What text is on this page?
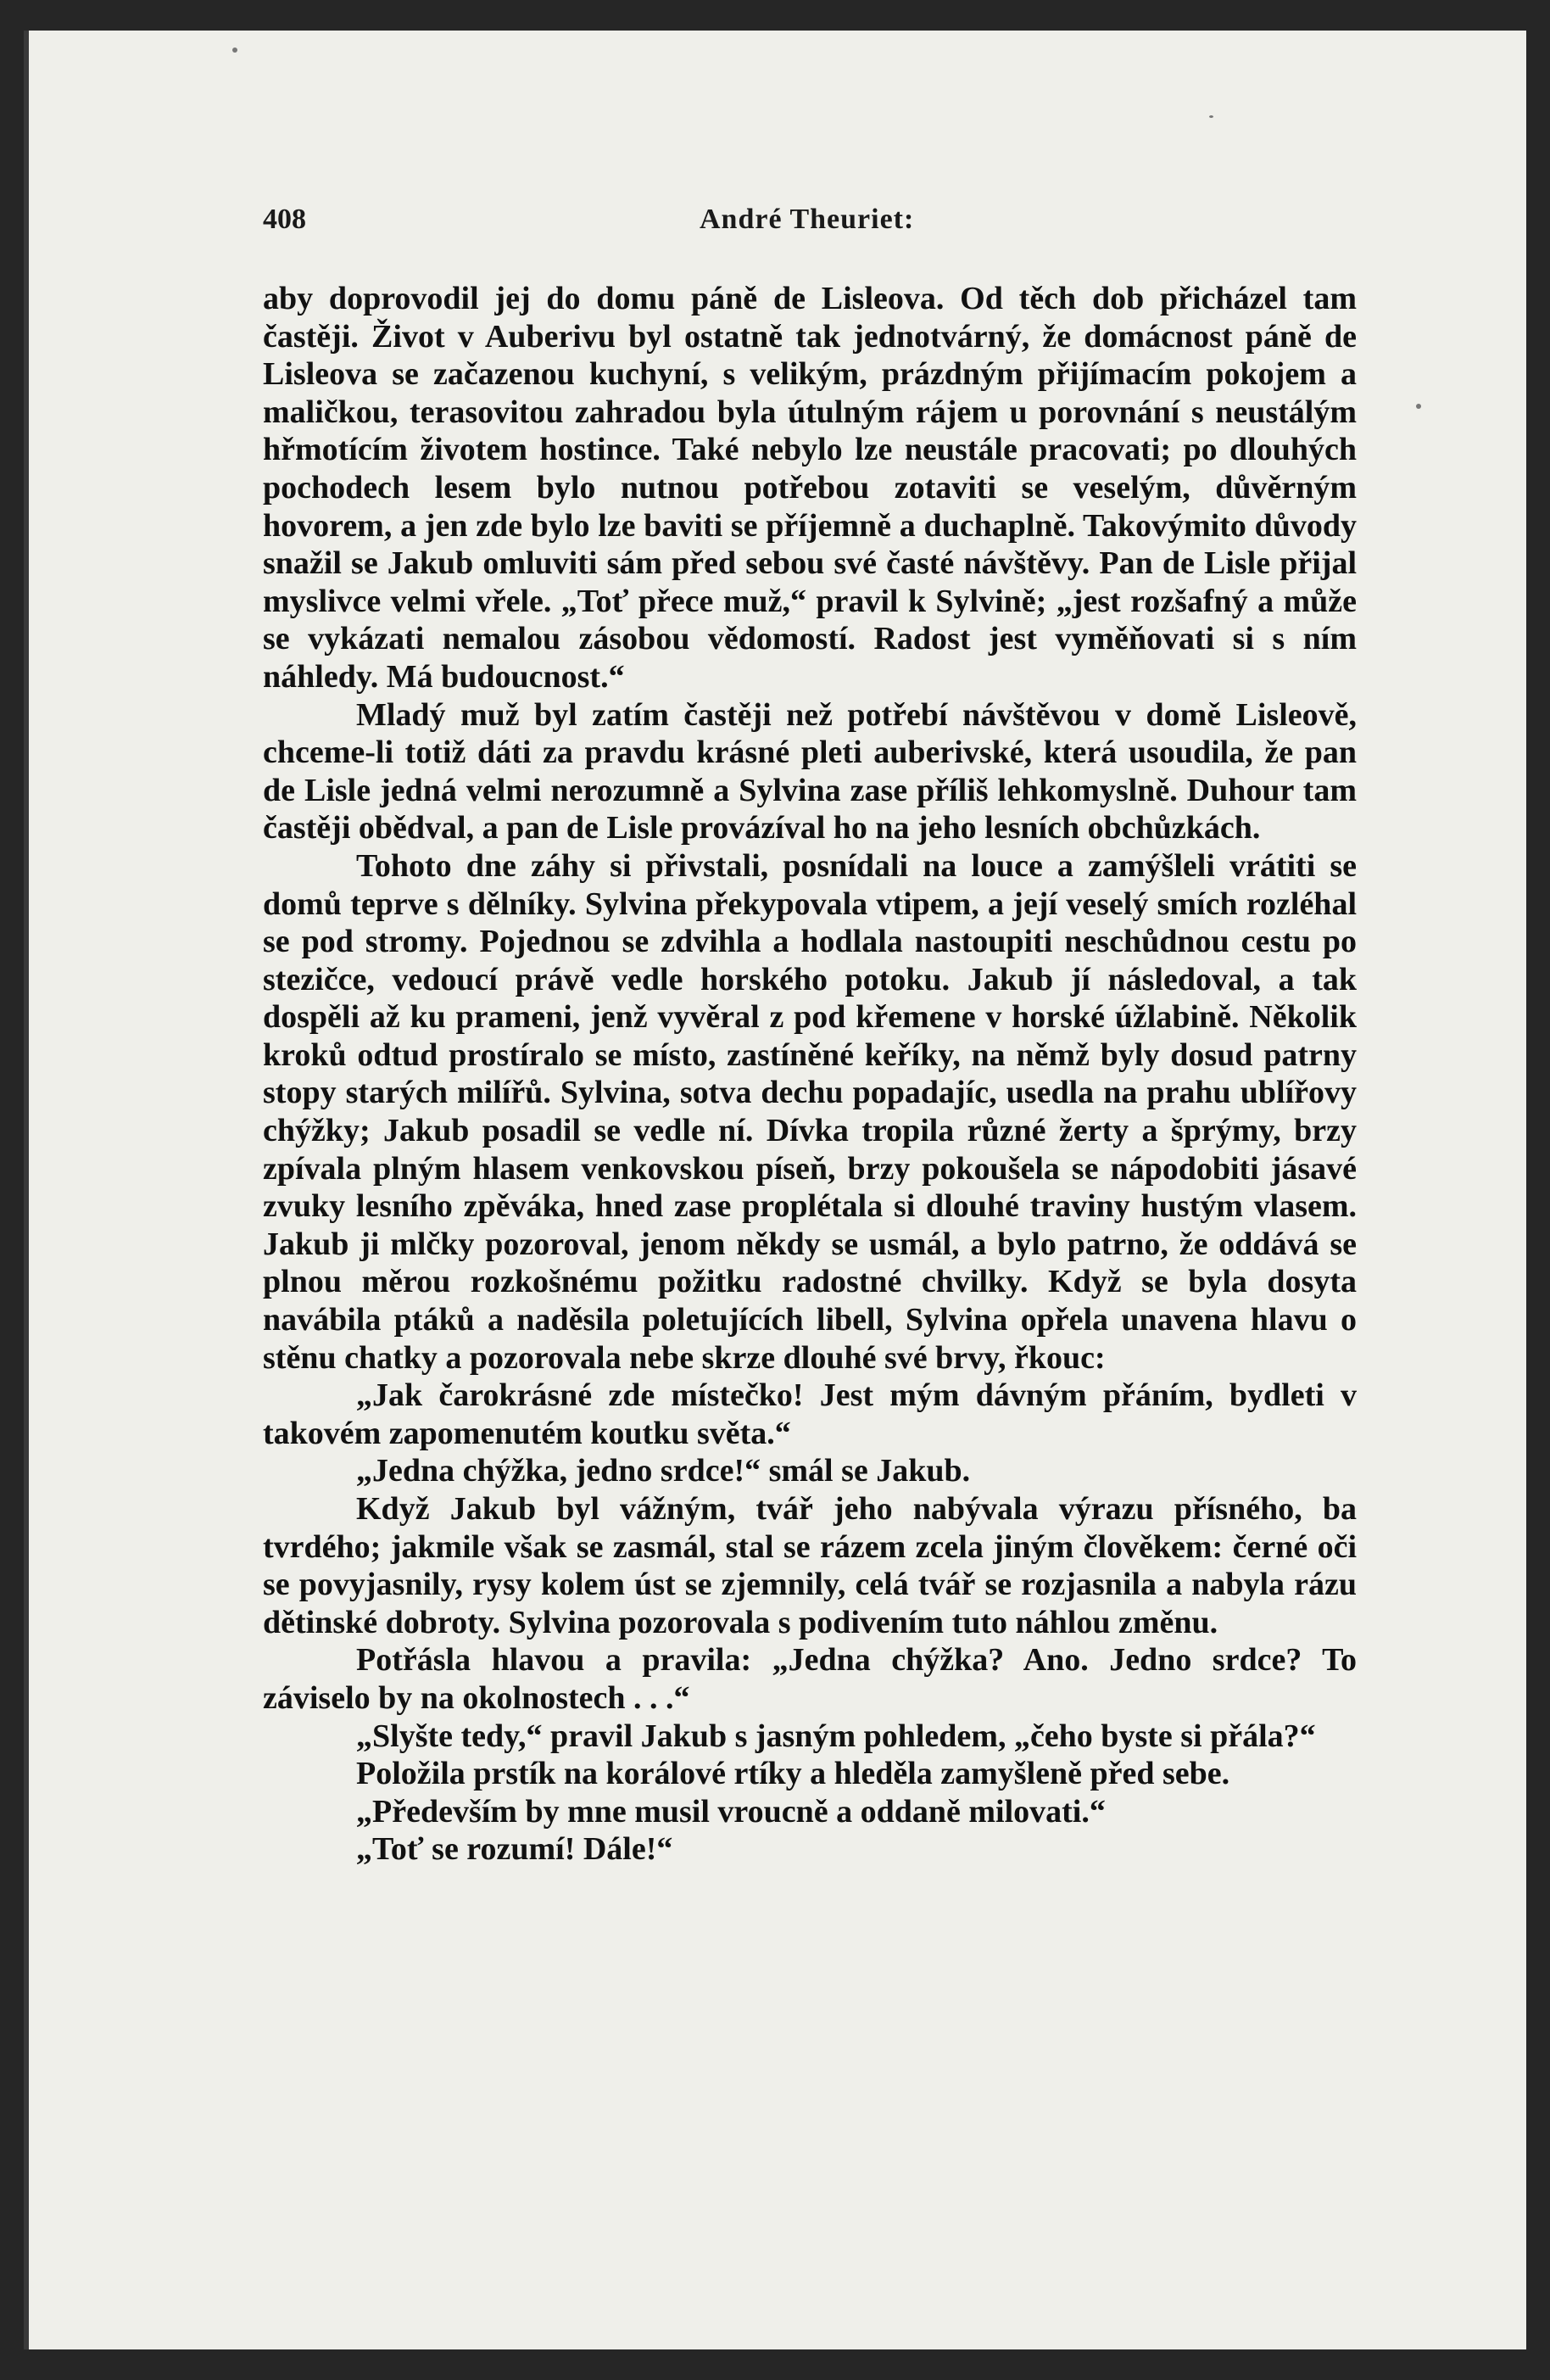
408	André Theuriet:

aby doprovodil jej do domu páně de Lisleova. Od těch dob přicházel tam častěji. Život v Auberivu byl ostatně tak jednotvárný, že domácnost páně de Lisleova se začazenou kuchyní, s velikým, prázdným přijímacím pokojem a maličkou, terasovitou zahradou byla útulným rájem u porovnání s neustálým hřmotícím životem hostince. Také nebylo lze neustále pracovati; po dlouhých pochodech lesem bylo nutnou potřebou zotaviti se veselým, důvěrným hovorem, a jen zde bylo lze baviti se příjemně a duchaplně. Takovýmito důvody snažil se Jakub omluviti sám před sebou své časté návštěvy. Pan de Lisle přijal myslivce velmi vřele. „Toť přece muž,“ pravil k Sylvině; „jest rozšafný a může se vykázati nemalou zásobou vědomostí. Radost jest vyměňovati si s ním náhledy. Má budoucnost.“

Mladý muž byl zatím častěji než potřebí návštěvou v domě Lisleově, chceme-li totiž dáti za pravdu krásné pleti auberivské, která usoudila, že pan de Lisle jedná velmi nerozumně a Sylvina zase příliš lehkomyslně. Duhour tam častěji obědval, a pan de Lisle provázíval ho na jeho lesních obchůzkách.

Tohoto dne záhy si přivstali, posnídali na louce a zamýšleli vrátiti se domů teprve s dělníky. Sylvina překypovala vtipem, a její veselý smích rozléhal se pod stromy. Pojednou se zdvihla a hodlala nastoupiti neschůdnou cestu po stezičce, vedoucí právě vedle horského potoku. Jakub jí následoval, a tak dospěli až ku prameni, jenž vyvěral z pod křemene v horské úžlabině. Několik kroků odtud prostíralo se místo, zastíněné keříky, na němž byly dosud patrny stopy starých milířů. Sylvina, sotva dechu popadajíc, usedla na prahu ublířovy chýžky; Jakub posadil se vedle ní. Dívka tropila různé žerty a šprýmy, brzy zpívala plným hlasem venkovskou píseň, brzy pokoušela se nápodobiti jásavé zvuky lesního zpěváka, hned zase proplétala si dlouhé traviny hustým vlasem. Jakub ji mlčky pozoroval, jenom někdy se usmál, a bylo patrno, že oddává se plnou měrou rozkošnému požitku radostné chvilky. Když se byla dosyta navábila ptáků a naděsila poletujících libell, Sylvina opřela unavena hlavu o stěnu chatky a pozorovala nebe skrze dlouhé své brvy, řkouc:

„Jak čarokrásné zde místečko! Jest mým dávným přáním, bydleti v takovém zapomenutém koutku světa.“

„Jedna chýžka, jedno srdce!“ smál se Jakub.

Když Jakub byl vážným, tvář jeho nabývala výrazu přísného, ba tvrdého; jakmile však se zasmál, stal se rázem zcela jiným člověkem: černé oči se povyjasnily, rysy kolem úst se zjemnily, celá tvář se rozjasnila a nabyla rázu dětinské dobroty. Sylvina pozorovala s podivením tuto náhlou změnu.

Potřásla hlavou a pravila: „Jedna chýžka? Ano. Jedno srdce? To záviselo by na okolnostech . . .“

„Slyšte tedy,“ pravil Jakub s jasným pohledem, „čeho byste si přála?“

Položila prstík na korálové rtíky a hleděla zamyšleně před sebe.

„Především by mne musil vroucně a oddaně milovati.“

„Toť se rozumí! Dále!“
